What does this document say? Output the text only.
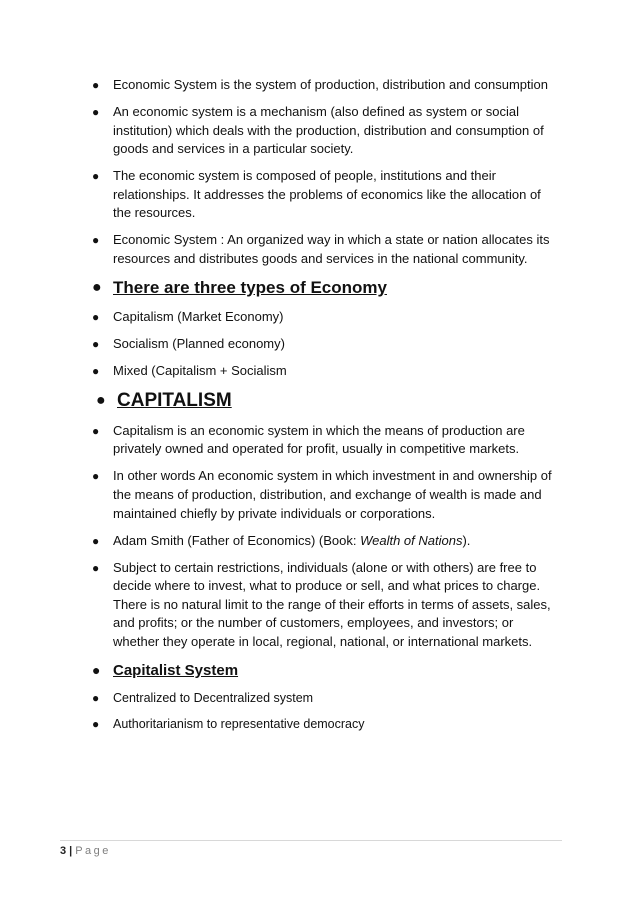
● Economic System is the system of production, distribution and consumption
● An economic system is a mechanism (also defined as system or social institution) which deals with the production, distribution and consumption of goods and services in a particular society.
● The economic system is composed of people, institutions and their relationships. It addresses the problems of economics like the allocation of the resources.
● Economic System : An organized way in which a state or nation allocates its resources and distributes goods and services in the national community.
● There are three types of Economy
● Capitalism (Market Economy)
● Socialism (Planned economy)
● Mixed (Capitalism + Socialism
● CAPITALISM
● Capitalism is an economic system in which the means of production are privately owned and operated for profit, usually in competitive markets.
● In other words An economic system in which investment in and ownership of the means of production, distribution, and exchange of wealth is made and maintained chiefly by private individuals or corporations.
● Adam Smith (Father of Economics) (Book: Wealth of Nations).
● Subject to certain restrictions, individuals (alone or with others) are free to decide where to invest, what to produce or sell, and what prices to charge. There is no natural limit to the range of their efforts in terms of assets, sales, and profits; or the number of customers, employees, and investors; or whether they operate in local, regional, national, or international markets.
● Capitalist System
● Centralized to Decentralized system
● Authoritarianism to representative democracy
3 | Page
